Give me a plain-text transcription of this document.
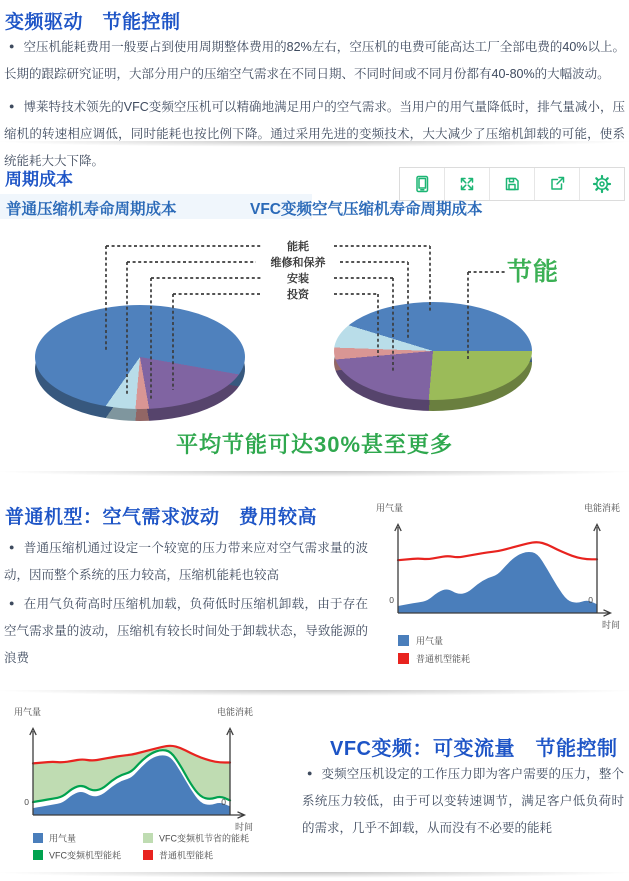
变频驱动　节能控制

● 空压机能耗费用一般要占到使用周期整体费用的82%左右，空压机的电费可能高达工厂全部电费的40%以上。长期的跟踪研究证明，大部分用户的压缩空气需求在不同日期、不同时间或不同月份都有40-80%的大幅波动。

● 博莱特技术领先的VFC变频空压机可以精确地满足用户的空气需求。当用户的用气量降低时，排气量减小，压缩机的转速相应调低，同时能耗也按比例下降。通过采用先进的变频技术，大大减少了压缩机卸载的可能，使系统能耗大大下降。

周期成本
普通压缩机寿命周期成本	VFC变频空气压缩机寿命周期成本
能耗
维修和保养
安装
投资
节能
平均节能可达30%甚至更多
普通机型：空气需求波动　费用较高

● 普通压缩机通过设定一个较宽的压力带来应对空气需求量的波动，因而整个系统的压力较高，压缩机能耗也较高

● 在用气负荷高时压缩机加载，负荷低时压缩机卸载，由于存在空气需求量的波动，压缩机有较长时间处于卸载状态，导致能源的浪费

用气量	电能消耗
时间
0	0
用气量
普通机型能耗
用气量	电能消耗
时间
0	0
用气量
VFC变频机型能耗
VFC变频机节省的能耗
普通机型能耗
VFC变频：可变流量　节能控制

● 变频空压机设定的工作压力即为客户需要的压力，整个系统压力较低，由于可以变转速调节，满足客户低负荷时的需求，几乎不卸载，从而没有不必要的能耗
